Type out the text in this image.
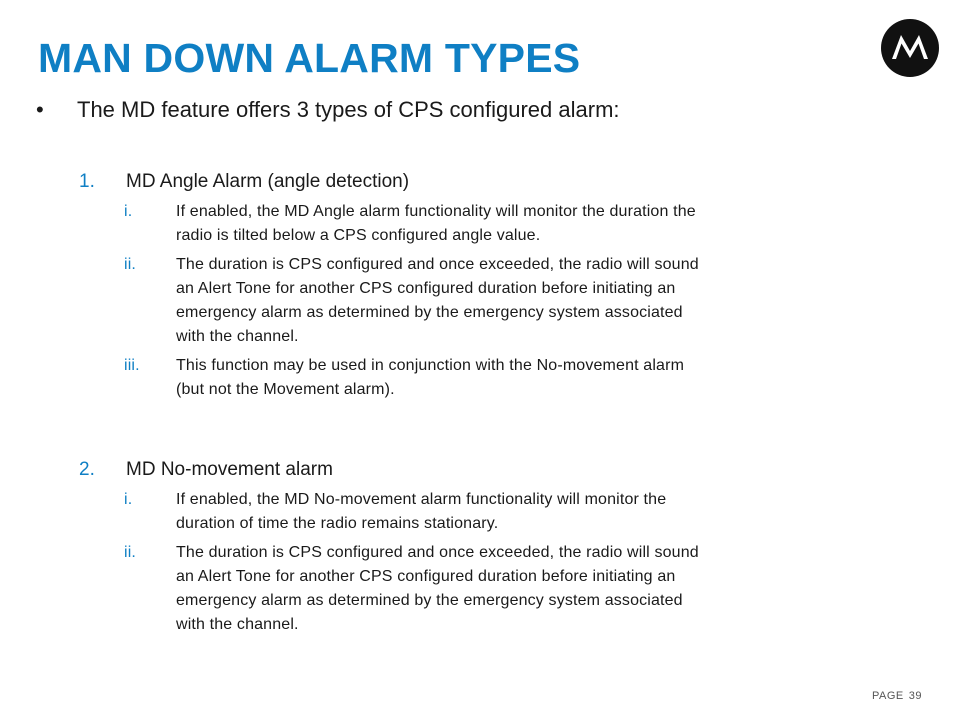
MAN DOWN ALARM TYPES
• The MD feature offers 3 types of CPS configured alarm:
1. MD Angle Alarm (angle detection)
i.	If enabled, the MD Angle alarm functionality will monitor the duration the
radio is tilted below a CPS configured angle value.
ii. The duration is CPS configured and once exceeded, the radio will sound
an Alert Tone for another CPS configured duration before initiating an
emergency alarm as determined by the emergency system associated
with the channel.
iii. This function may be used in conjunction with the No-movement alarm
(but not the Movement alarm).
2. MD No-movement alarm
i.	If enabled, the MD No-movement alarm functionality will monitor the
duration of time the radio remains stationary.
ii. The duration is CPS configured and once exceeded, the radio will sound
an Alert Tone for another CPS configured duration before initiating an
emergency alarm as determined by the emergency system associated
with the channel.
PAGE 39
